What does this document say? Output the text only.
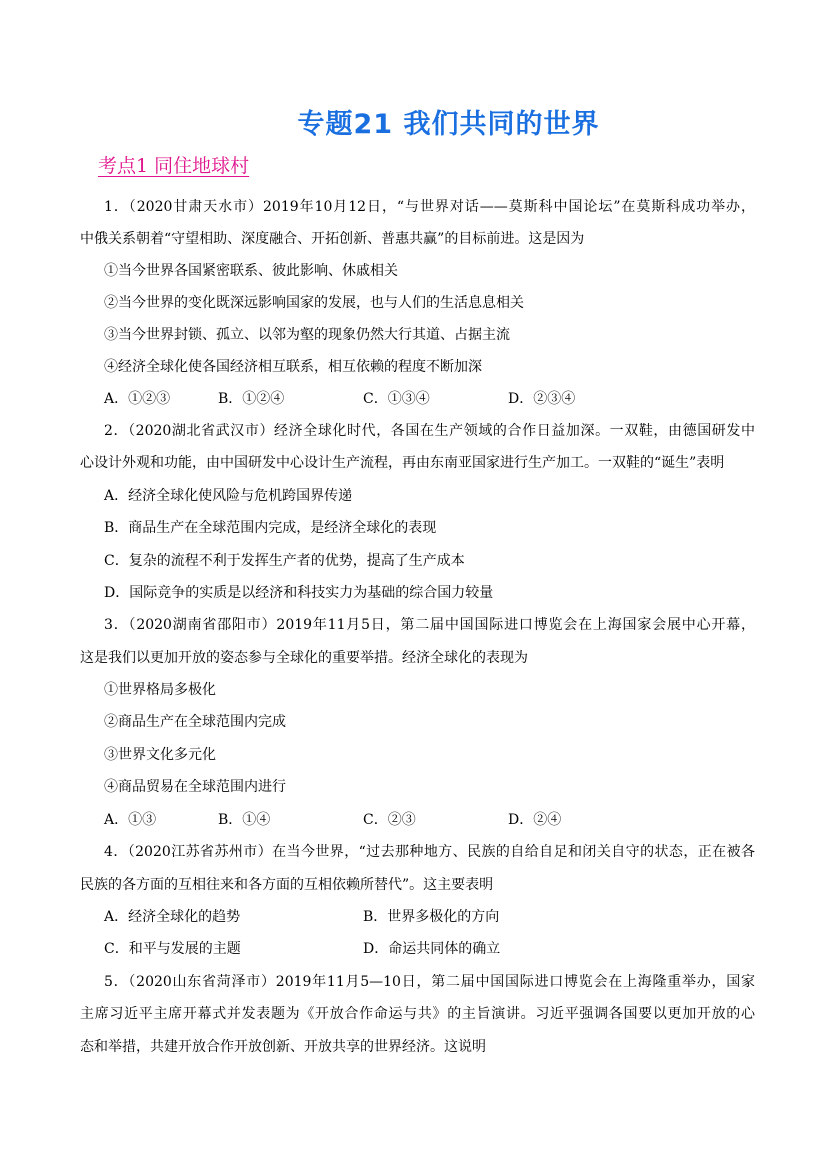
专题21 我们共同的世界
考点1 同住地球村
1．（2020甘肃天水市）2019年10月12日，“与世界对话——莫斯科中国论坛”在莫斯科成功举办，
中俄关系朝着“守望相助、深度融合、开拓创新、普惠共赢”的目标前进。这是因为
①当今世界各国紧密联系、彼此影响、休戚相关
②当今世界的变化既深远影响国家的发展，也与人们的生活息息相关
③当今世界封锁、孤立、以邻为壑的现象仍然大行其道、占据主流
④经济全球化使各国经济相互联系，相互依赖的程度不断加深
A．①②③	B．①②④	C．①③④	D．②③④
2．（2020湖北省武汉市）经济全球化时代，各国在生产领域的合作日益加深。一双鞋，由德国研发中
心设计外观和功能，由中国研发中心设计生产流程，再由东南亚国家进行生产加工。一双鞋的“诞生”表明
A．经济全球化使风险与危机跨国界传递
B．商品生产在全球范围内完成，是经济全球化的表现
C．复杂的流程不利于发挥生产者的优势，提高了生产成本
D．国际竞争的实质是以经济和科技实力为基础的综合国力较量
3．（2020湖南省邵阳市）2019年11月5日，第二届中国国际进口博览会在上海国家会展中心开幕，
这是我们以更加开放的姿态参与全球化的重要举措。经济全球化的表现为
①世界格局多极化
②商品生产在全球范围内完成
③世界文化多元化
④商品贸易在全球范围内进行
A．①③	B．①④	C．②③	D．②④
4．（2020江苏省苏州市）在当今世界，“过去那种地方、民族的自给自足和闭关自守的状态，正在被各
民族的各方面的互相往来和各方面的互相依赖所替代”。这主要表明
A．经济全球化的趋势	B．世界多极化的方向
C．和平与发展的主题	D．命运共同体的确立
5．（2020山东省菏泽市）2019年11月5—10日，第二届中国国际进口博览会在上海隆重举办，国家
主席习近平主席开幕式并发表题为《开放合作命运与共》的主旨演讲。习近平强调各国要以更加开放的心
态和举措，共建开放合作开放创新、开放共享的世界经济。这说明
